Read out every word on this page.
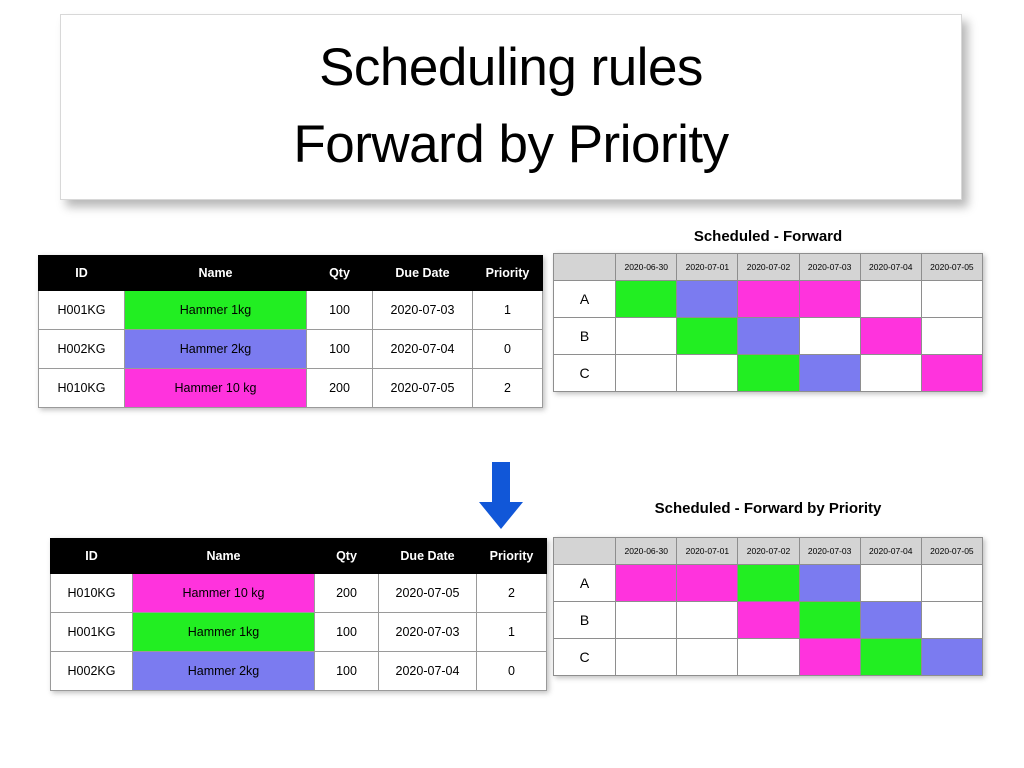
Scheduling rules
Forward by Priority
ID	Name	Qty	Due Date	Priority
H001KG	Hammer 1kg	100	2020-07-03	1
H002KG	Hammer 2kg	100	2020-07-04	0
H010KG	Hammer 10 kg	200	2020-07-05	2
Scheduled - Forward
	2020-06-30	2020-07-01	2020-07-02	2020-07-03	2020-07-04	2020-07-05
A						
B						
C						
ID	Name	Qty	Due Date	Priority
H010KG	Hammer 10 kg	200	2020-07-05	2
H001KG	Hammer 1kg	100	2020-07-03	1
H002KG	Hammer 2kg	100	2020-07-04	0
Scheduled - Forward by Priority
	2020-06-30	2020-07-01	2020-07-02	2020-07-03	2020-07-04	2020-07-05
A						
B						
C						
